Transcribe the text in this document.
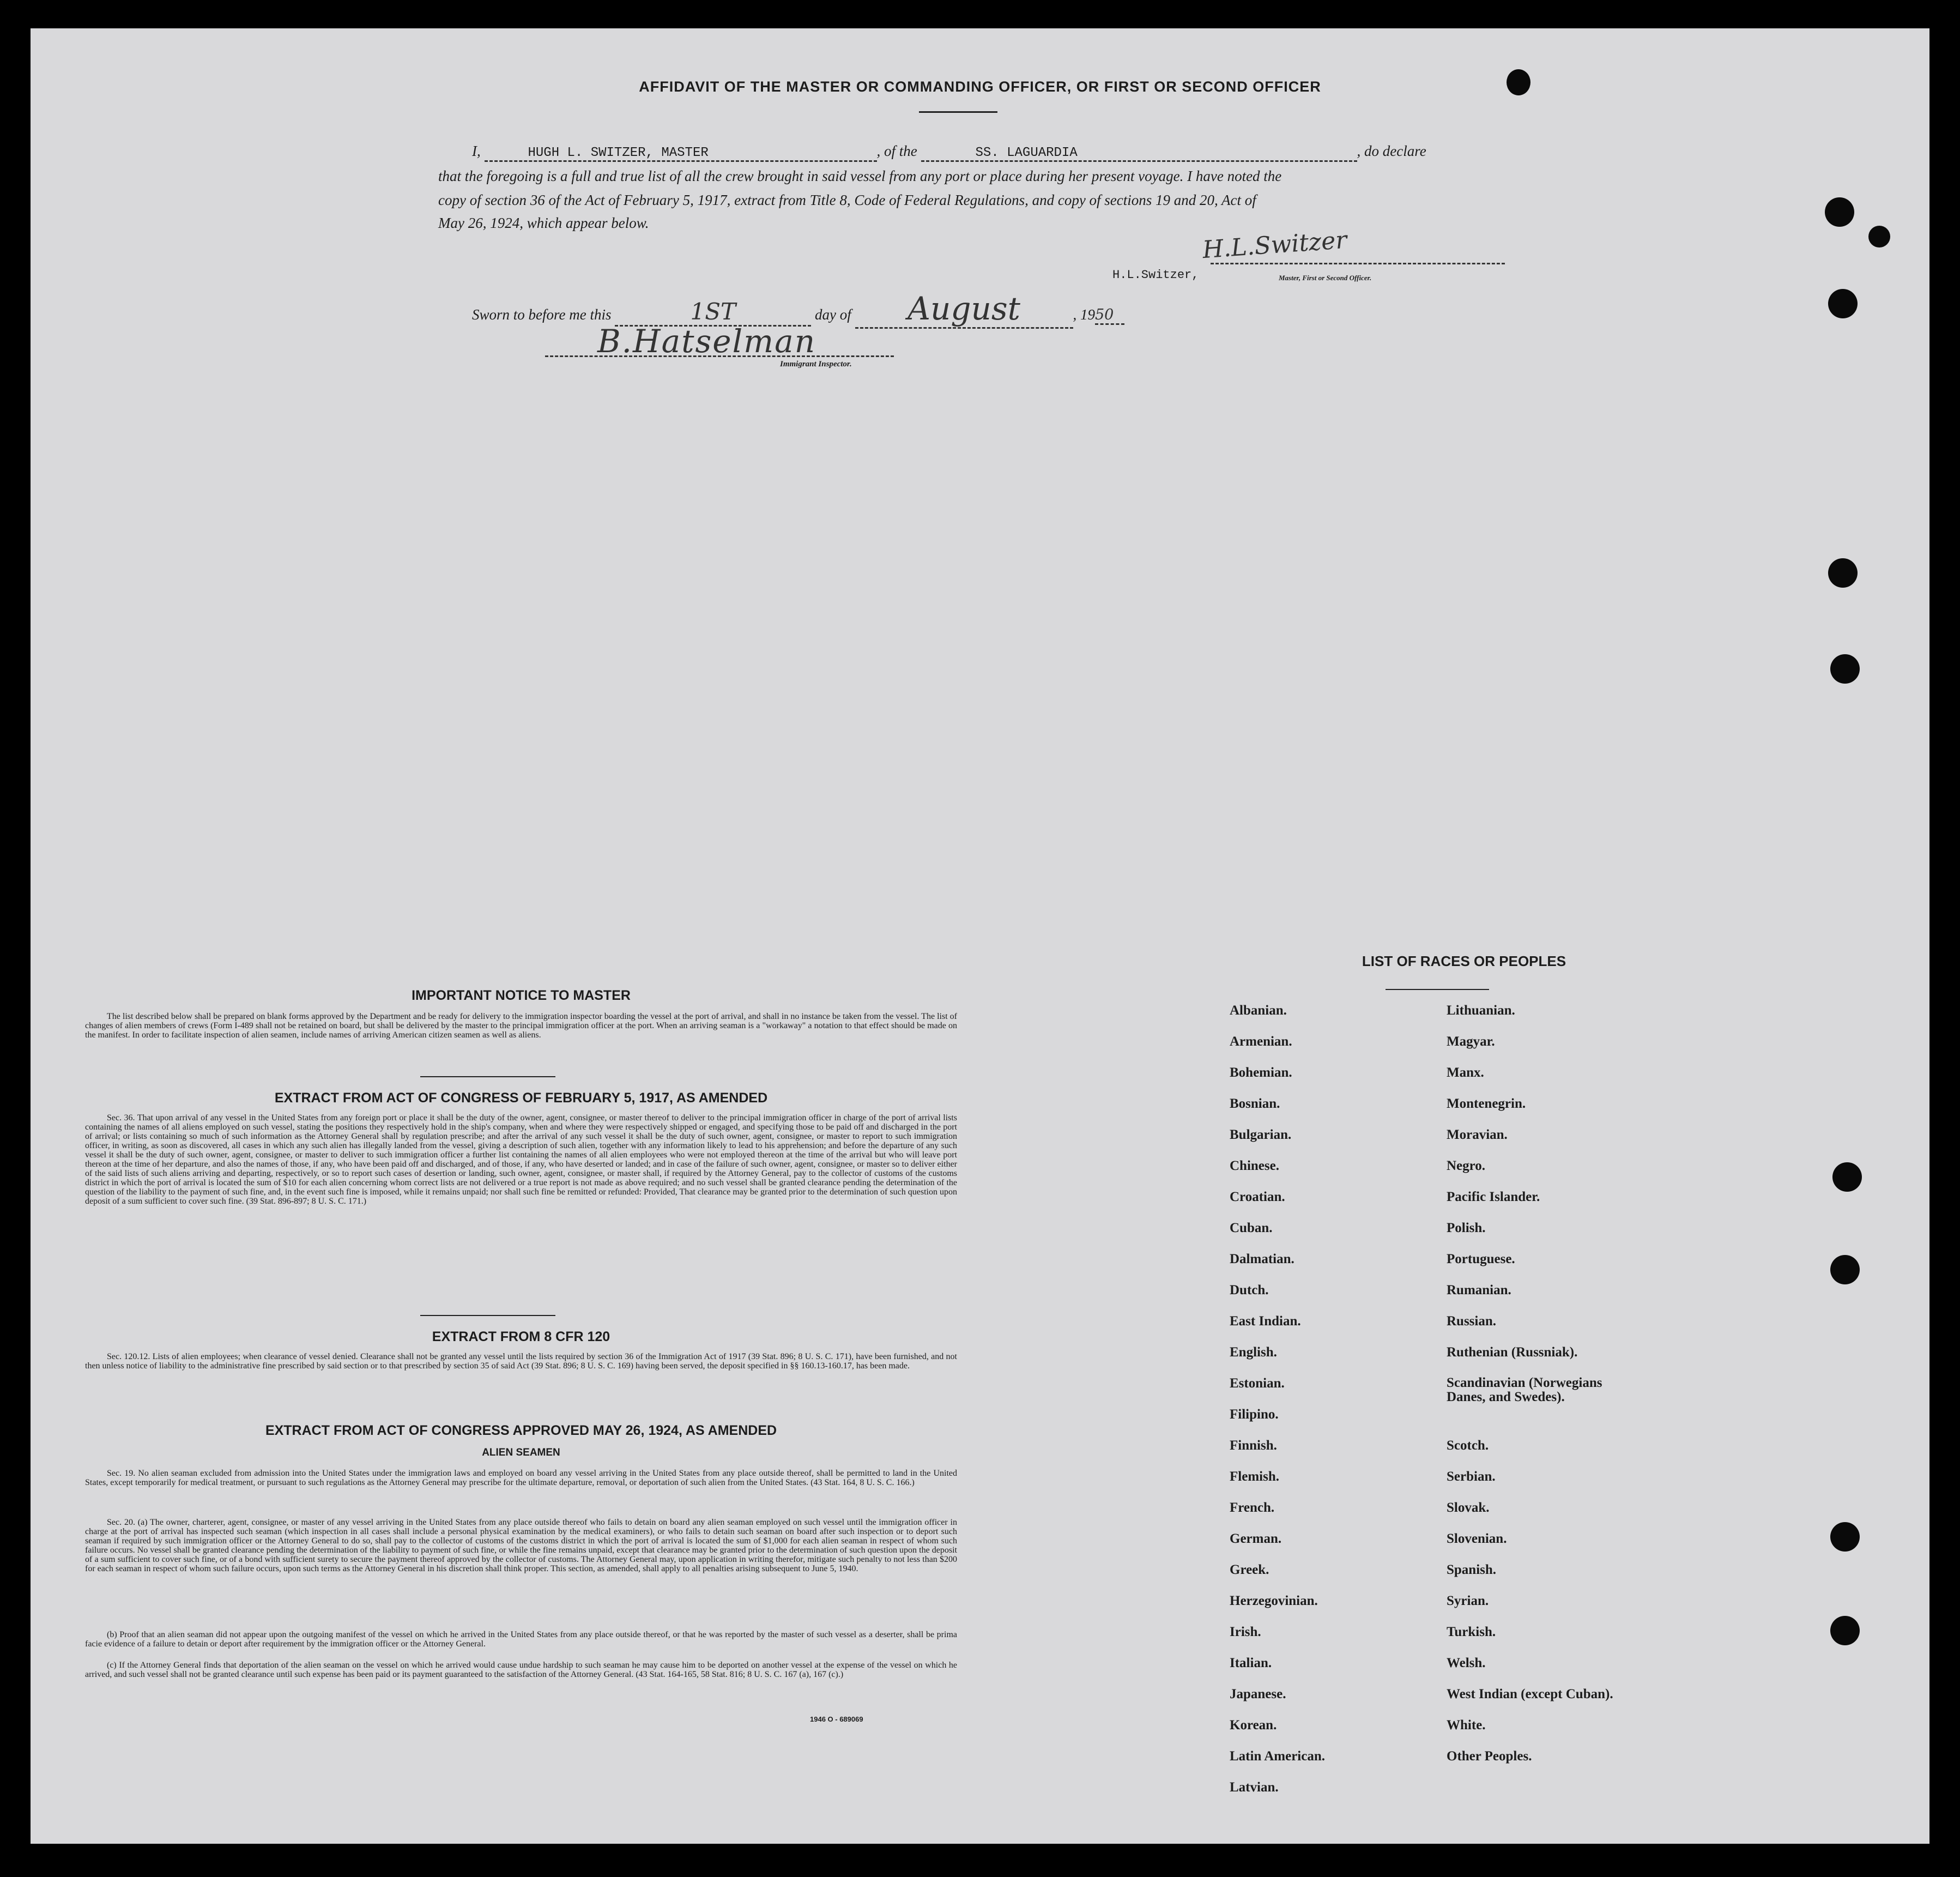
AFFIDAVIT OF THE MASTER OR COMMANDING OFFICER, OR FIRST OR SECOND OFFICER
I,	HUGH L. SWITZER, MASTER	, of the	SS. LAGUARDIA	, do declare
that the foregoing is a full and true list of all the crew brought in said vessel from any port or place during her present voyage. I have noted the
copy of section 36 of the Act of February 5, 1917, extract from Title 8, Code of Federal Regulations, and copy of sections 19 and 20, Act of
May 26, 1924, which appear below.
H.L.Switzer
H.L.Switzer,	Master, First or Second Officer.
Sworn to before me this	1ST	day of August	, 1950
B.Hatselman
Immigrant Inspector.
IMPORTANT NOTICE TO MASTER
The list described below shall be prepared on blank forms approved by the Department and be ready for delivery to the immigration inspector boarding the vessel at the port of arrival, and shall in no instance be taken from the vessel. The list of changes of alien members of crews (Form I-489 shall not be retained on board, but shall be delivered by the master to the principal immigration officer at the port. When an arriving seaman is a "workaway" a notation to that effect should be made on the manifest. In order to facilitate inspection of alien seamen, include names of arriving American citizen seamen as well as aliens.
EXTRACT FROM ACT OF CONGRESS OF FEBRUARY 5, 1917, AS AMENDED
Sec. 36. That upon arrival of any vessel in the United States from any foreign port or place it shall be the duty of the owner, agent, consignee, or master thereof to deliver to the principal immigration officer in charge of the port of arrival lists containing the names of all aliens employed on such vessel, stating the positions they respectively hold in the ship's company, when and where they were respectively shipped or engaged, and specifying those to be paid off and discharged in the port of arrival; or lists containing so much of such information as the Attorney General shall by regulation prescribe; and after the arrival of any such vessel it shall be the duty of such owner, agent, consignee, or master to report to such immigration officer, in writing, as soon as discovered, all cases in which any such alien has illegally landed from the vessel, giving a description of such alien, together with any information likely to lead to his apprehension; and before the departure of any such vessel it shall be the duty of such owner, agent, consignee, or master to deliver to such immigration officer a further list containing the names of all alien employees who were not employed thereon at the time of the arrival but who will leave port thereon at the time of her departure, and also the names of those, if any, who have been paid off and discharged, and of those, if any, who have deserted or landed; and in case of the failure of such owner, agent, consignee, or master so to deliver either of the said lists of such aliens arriving and departing, respectively, or so to report such cases of desertion or landing, such owner, agent, consignee, or master shall, if required by the Attorney General, pay to the collector of customs of the customs district in which the port of arrival is located the sum of $10 for each alien concerning whom correct lists are not delivered or a true report is not made as above required; and no such vessel shall be granted clearance pending the determination of the question of the liability to the payment of such fine, and, in the event such fine is imposed, while it remains unpaid; nor shall such fine be remitted or refunded: Provided, That clearance may be granted prior to the determination of such question upon deposit of a sum sufficient to cover such fine. (39 Stat. 896-897; 8 U. S. C. 171.)
EXTRACT FROM 8 CFR 120
Sec. 120.12. Lists of alien employees; when clearance of vessel denied. Clearance shall not be granted any vessel until the lists required by section 36 of the Immigration Act of 1917 (39 Stat. 896; 8 U. S. C. 171), have been furnished, and not then unless notice of liability to the administrative fine prescribed by said section or to that prescribed by section 35 of said Act (39 Stat. 896; 8 U. S. C. 169) having been served, the deposit specified in §§ 160.13-160.17, has been made.
EXTRACT FROM ACT OF CONGRESS APPROVED MAY 26, 1924, AS AMENDED
ALIEN SEAMEN
Sec. 19. No alien seaman excluded from admission into the United States under the immigration laws and employed on board any vessel arriving in the United States from any place outside thereof, shall be permitted to land in the United States, except temporarily for medical treatment, or pursuant to such regulations as the Attorney General may prescribe for the ultimate departure, removal, or deportation of such alien from the United States. (43 Stat. 164, 8 U. S. C. 166.)
Sec. 20. (a) The owner, charterer, agent, consignee, or master of any vessel arriving in the United States from any place outside thereof who fails to detain on board any alien seaman employed on such vessel until the immigration officer in charge at the port of arrival has inspected such seaman (which inspection in all cases shall include a personal physical examination by the medical examiners), or who fails to detain such seaman on board after such inspection or to deport such seaman if required by such immigration officer or the Attorney General to do so, shall pay to the collector of customs of the customs district in which the port of arrival is located the sum of $1,000 for each alien seaman in respect of whom such failure occurs. No vessel shall be granted clearance pending the determination of the liability to payment of such fine, or while the fine remains unpaid, except that clearance may be granted prior to the determination of such question upon the deposit of a sum sufficient to cover such fine, or of a bond with sufficient surety to secure the payment thereof approved by the collector of customs. The Attorney General may, upon application in writing therefor, mitigate such penalty to not less than $200 for each seaman in respect of whom such failure occurs, upon such terms as the Attorney General in his discretion shall think proper. This section, as amended, shall apply to all penalties arising subsequent to June 5, 1940.
(b) Proof that an alien seaman did not appear upon the outgoing manifest of the vessel on which he arrived in the United States from any place outside thereof, or that he was reported by the master of such vessel as a deserter, shall be prima facie evidence of a failure to detain or deport after requirement by the immigration officer or the Attorney General.
(c) If the Attorney General finds that deportation of the alien seaman on the vessel on which he arrived would cause undue hardship to such seaman he may cause him to be deported on another vessel at the expense of the vessel on which he arrived, and such vessel shall not be granted clearance until such expense has been paid or its payment guaranteed to the satisfaction of the Attorney General. (43 Stat. 164-165, 58 Stat. 816; 8 U. S. C. 167 (a), 167 (c).)
1946 O - 689069
LIST OF RACES OR PEOPLES
Albanian.
Armenian.
Bohemian.
Bosnian.
Bulgarian.
Chinese.
Croatian.
Cuban.
Dalmatian.
Dutch.
East Indian.
English.
Estonian.
Filipino.
Finnish.
Flemish.
French.
German.
Greek.
Herzegovinian.
Irish.
Italian.
Japanese.
Korean.
Latin American.
Latvian.
Lithuanian.
Magyar.
Manx.
Montenegrin.
Moravian.
Negro.
Pacific Islander.
Polish.
Portuguese.
Rumanian.
Russian.
Ruthenian (Russniak).
Scandinavian (Norwegians Danes, and Swedes).
Scotch.
Serbian.
Slovak.
Slovenian.
Spanish.
Syrian.
Turkish.
Welsh.
West Indian (except Cuban).
White.
Other Peoples.
